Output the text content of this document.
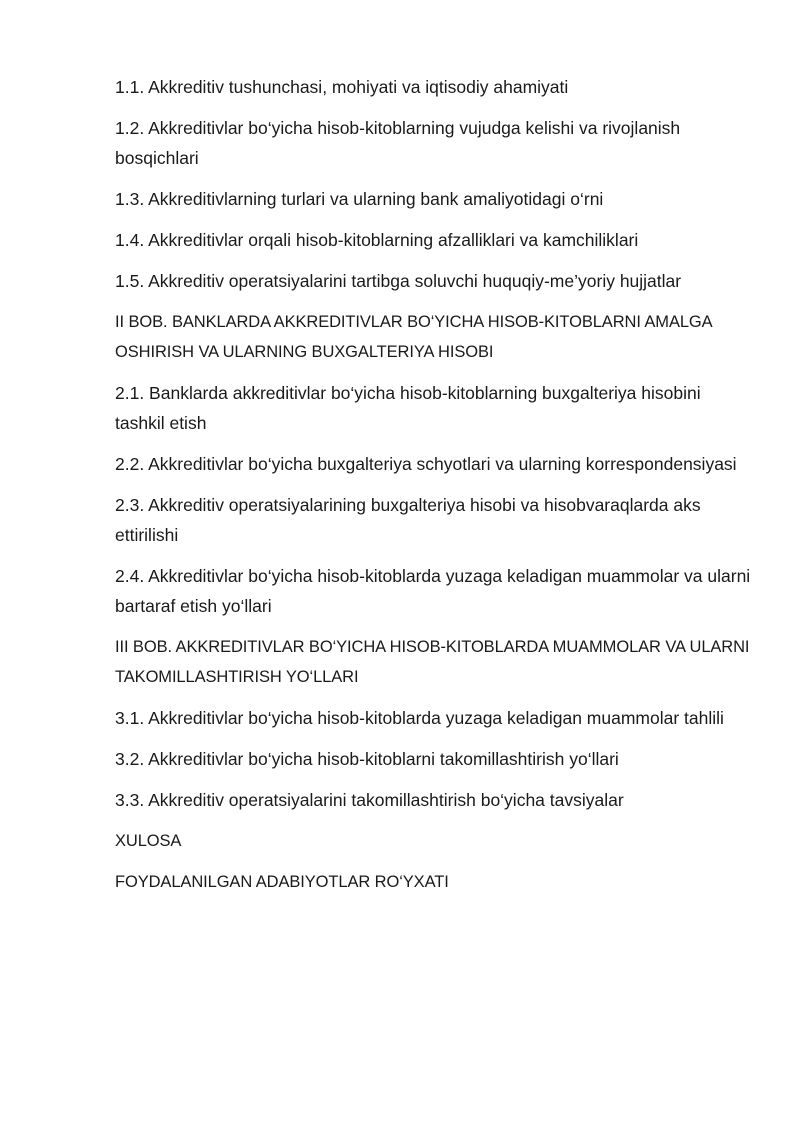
1.1. Akkreditiv tushunchasi, mohiyati va iqtisodiy ahamiyati

1.2. Akkreditivlar bo‘yicha hisob-kitoblarning vujudga kelishi va rivojlanish bosqichlari

1.3. Akkreditivlarning turlari va ularning bank amaliyotidagi o‘rni

1.4. Akkreditivlar orqali hisob-kitoblarning afzalliklari va kamchiliklari

1.5. Akkreditiv operatsiyalarini tartibga soluvchi huquqiy-me’yoriy hujjatlar

II BOB. BANKLARDA AKKREDITIVLAR BO‘YICHA HISOB-KITOBLARNI AMALGA OSHIRISH VA ULARNING BUXGALTERIYA HISOBI

2.1. Banklarda akkreditivlar bo‘yicha hisob-kitoblarning buxgalteriya hisobini tashkil etish

2.2. Akkreditivlar bo‘yicha buxgalteriya schyotlari va ularning korrespondensiyasi

2.3. Akkreditiv operatsiyalarining buxgalteriya hisobi va hisobvaraqlarda aks ettirilishi

2.4. Akkreditivlar bo‘yicha hisob-kitoblarda yuzaga keladigan muammolar va ularni bartaraf etish yo‘llari

III BOB. AKKREDITIVLAR BO‘YICHA HISOB-KITOBLARDA MUAMMOLAR VA ULARNI TAKOMILLASHTIRISH YO‘LLARI

3.1. Akkreditivlar bo‘yicha hisob-kitoblarda yuzaga keladigan muammolar tahlili

3.2. Akkreditivlar bo‘yicha hisob-kitoblarni takomillashtirish yo‘llari

3.3. Akkreditiv operatsiyalarini takomillashtirish bo‘yicha tavsiyalar

XULOSA

FOYDALANILGAN ADABIYOTLAR RO‘YXATI
